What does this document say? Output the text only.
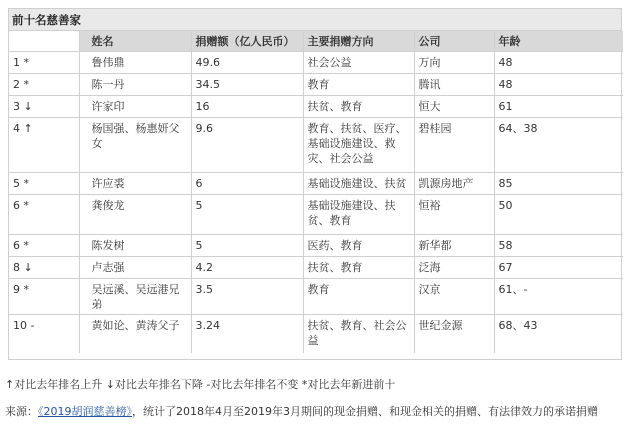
前十名慈善家
	姓名	捐赠额（亿人民币）	主要捐赠方向	公司	年龄
1 *	鲁伟鼎	49.6	社会公益	万向	48
2 *	陈一丹	34.5	教育	腾讯	48
3 ↓	许家印	16	扶贫、教育	恒大	61
4 ↑	杨国强、杨惠妍父女	9.6	教育、扶贫、医疗、基础设施建设、救灾、社会公益	碧桂园	64、38
5 *	许应裘	6	基础设施建设、扶贫	凯源房地产	85
6 *	龚俊龙	5	基础设施建设、扶贫、教育	恒裕	50
6 *	陈发树	5	医药、教育	新华都	58
8 ↓	卢志强	4.2	扶贫、教育	泛海	67
9 *	吴远溪、吴远港兄弟	3.5	教育	汉京	61、-
10 -	黄如论、黄涛父子	3.24	扶贫、教育、社会公益	世纪金源	68、43
↑对比去年排名上升 ↓对比去年排名下降 -对比去年排名不变 *对比去年新进前十
来源：《2019胡润慈善榜》，统计了2018年4月至2019年3月期间的现金捐赠、和现金相关的捐赠、有法律效力的承诺捐赠
